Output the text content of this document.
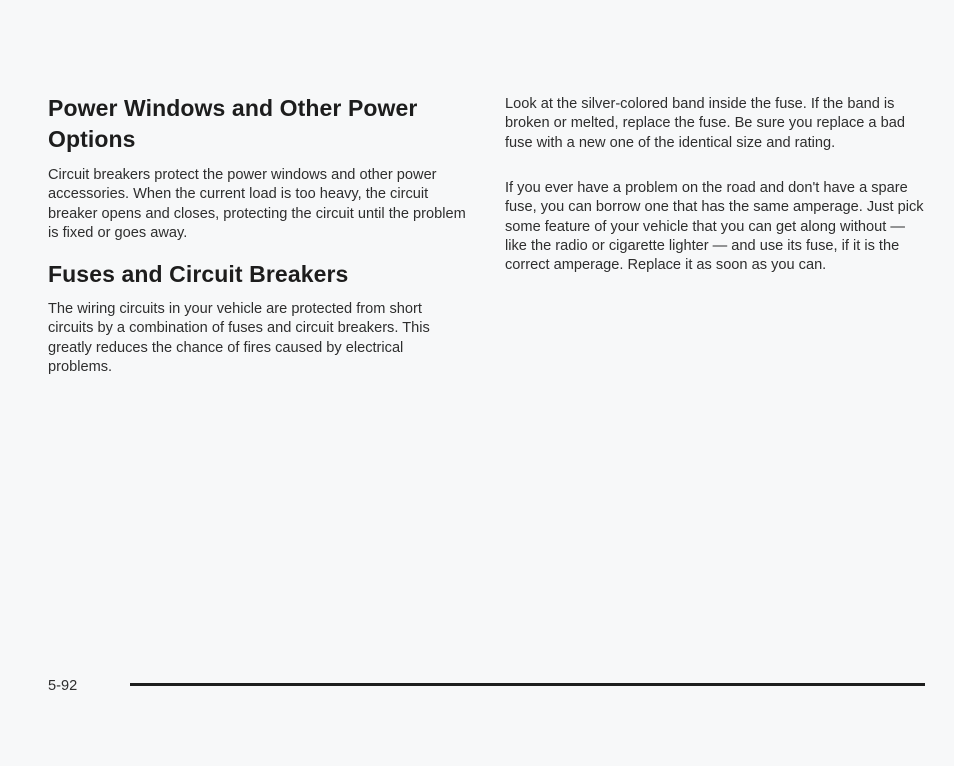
Power Windows and Other Power Options

Circuit breakers protect the power windows and other power accessories. When the current load is too heavy, the circuit breaker opens and closes, protecting the circuit until the problem is fixed or goes away.

Fuses and Circuit Breakers

The wiring circuits in your vehicle are protected from short circuits by a combination of fuses and circuit breakers. This greatly reduces the chance of fires caused by electrical problems.

Look at the silver-colored band inside the fuse. If the band is broken or melted, replace the fuse. Be sure you replace a bad fuse with a new one of the identical size and rating.

If you ever have a problem on the road and don't have a spare fuse, you can borrow one that has the same amperage. Just pick some feature of your vehicle that you can get along without — like the radio or cigarette lighter — and use its fuse, if it is the correct amperage. Replace it as soon as you can.

5-92
